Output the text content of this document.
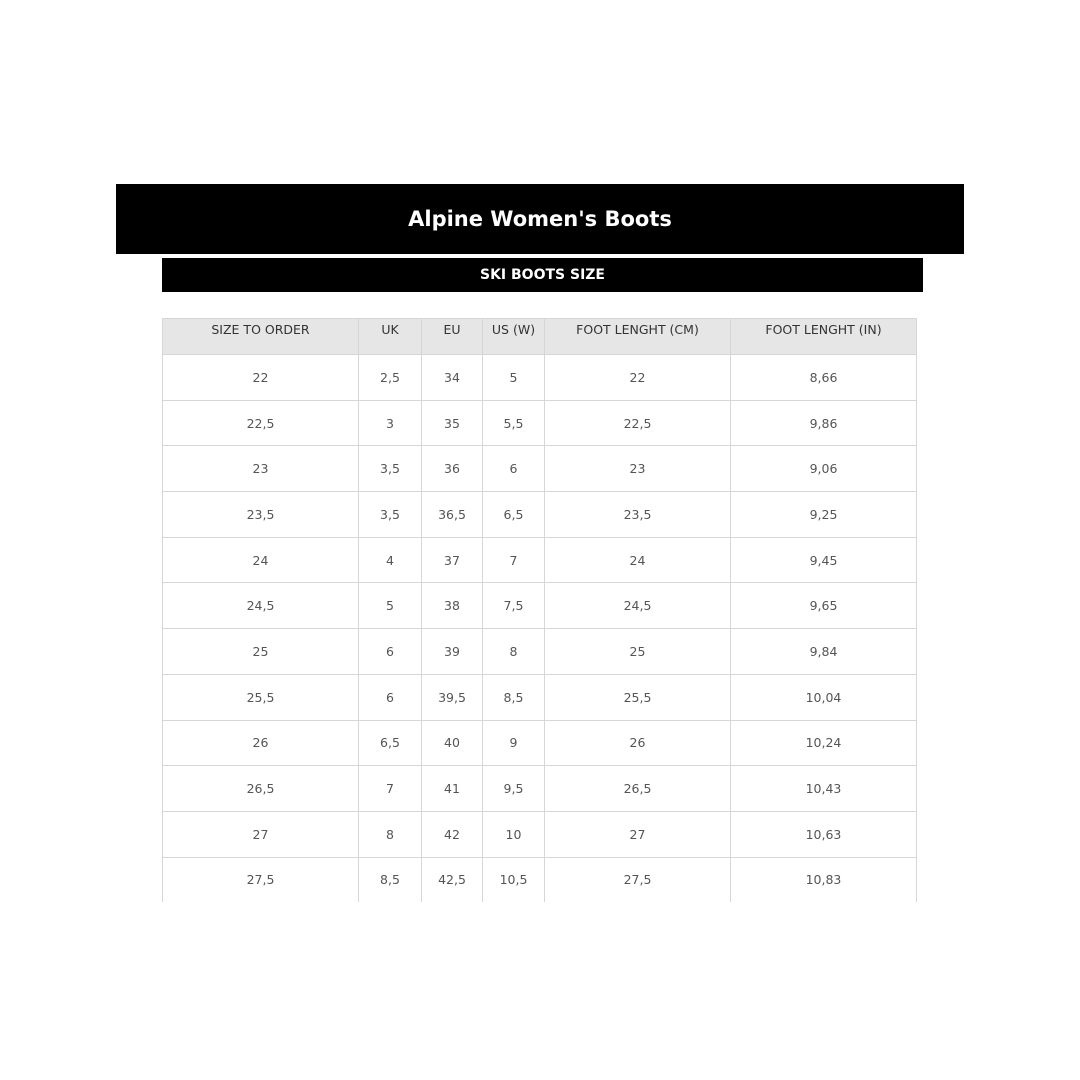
Alpine Women's Boots
SKI BOOTS SIZE
SIZE TO ORDER	UK	EU	US (W)	FOOT LENGHT (CM)	FOOT LENGHT (IN)
22	2,5	34	5	22	8,66
22,5	3	35	5,5	22,5	9,86
23	3,5	36	6	23	9,06
23,5	3,5	36,5	6,5	23,5	9,25
24	4	37	7	24	9,45
24,5	5	38	7,5	24,5	9,65
25	6	39	8	25	9,84
25,5	6	39,5	8,5	25,5	10,04
26	6,5	40	9	26	10,24
26,5	7	41	9,5	26,5	10,43
27	8	42	10	27	10,63
27,5	8,5	42,5	10,5	27,5	10,83
